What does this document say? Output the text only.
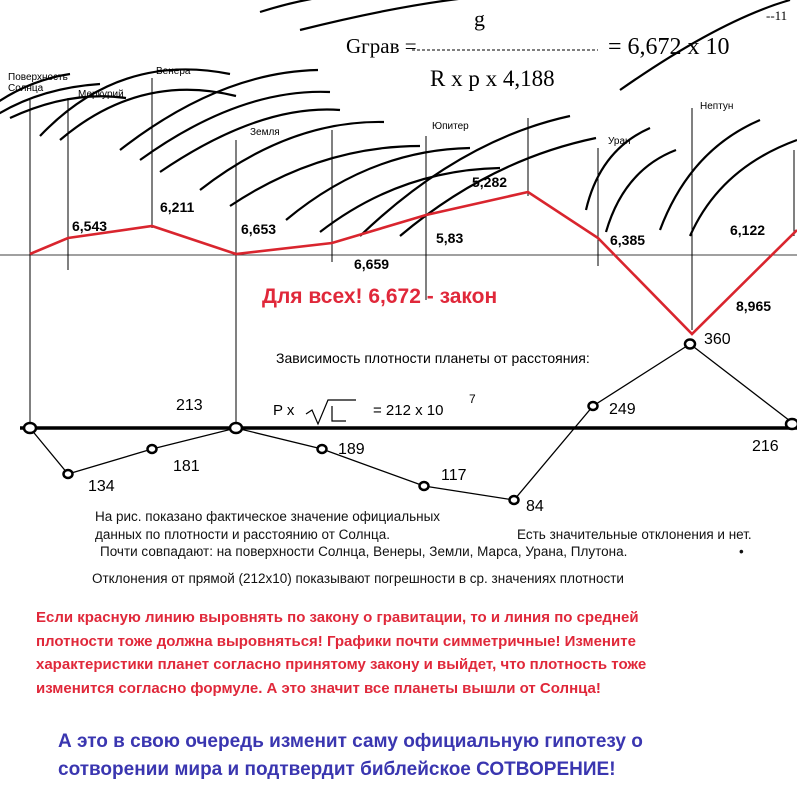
Gграв =
g
R x p x 4,188
= 6,672 x 10
--11
Поверхность
Солнца
Меркурий
Венера
Земля
Юпитер
Уран
Нептун
6,543
6,211
6,653
6,659
5,83
5,282
6,385
6,122
8,965
Для всех! 6,672 - закон
Зависимость плотности планеты от расстояния:
P x	= 212 x 10
7
213
134
181
189
117
84
249
360
216
На рис. показано фактическое значение официальных
данных по плотности и расстоянию от Солнца.	Есть значительные отклонения и нет.
Почти совпадают: на поверхности Солнца, Венеры, Земли, Марса, Урана, Плутона.	•
Отклонения от прямой (212x10) показывают погрешности в ср. значениях плотности
Если красную линию выровнять по закону о гравитации, то и линия по средней
плотности тоже должна выровняться! Графики почти симметричные! Измените
характеристики планет согласно принятому закону и выйдет, что плотность тоже
изменится согласно формуле. А это значит все планеты вышли от Солнца!
А это в свою очередь изменит саму официальную гипотезу о
сотворении мира и подтвердит библейское СОТВОРЕНИЕ!
